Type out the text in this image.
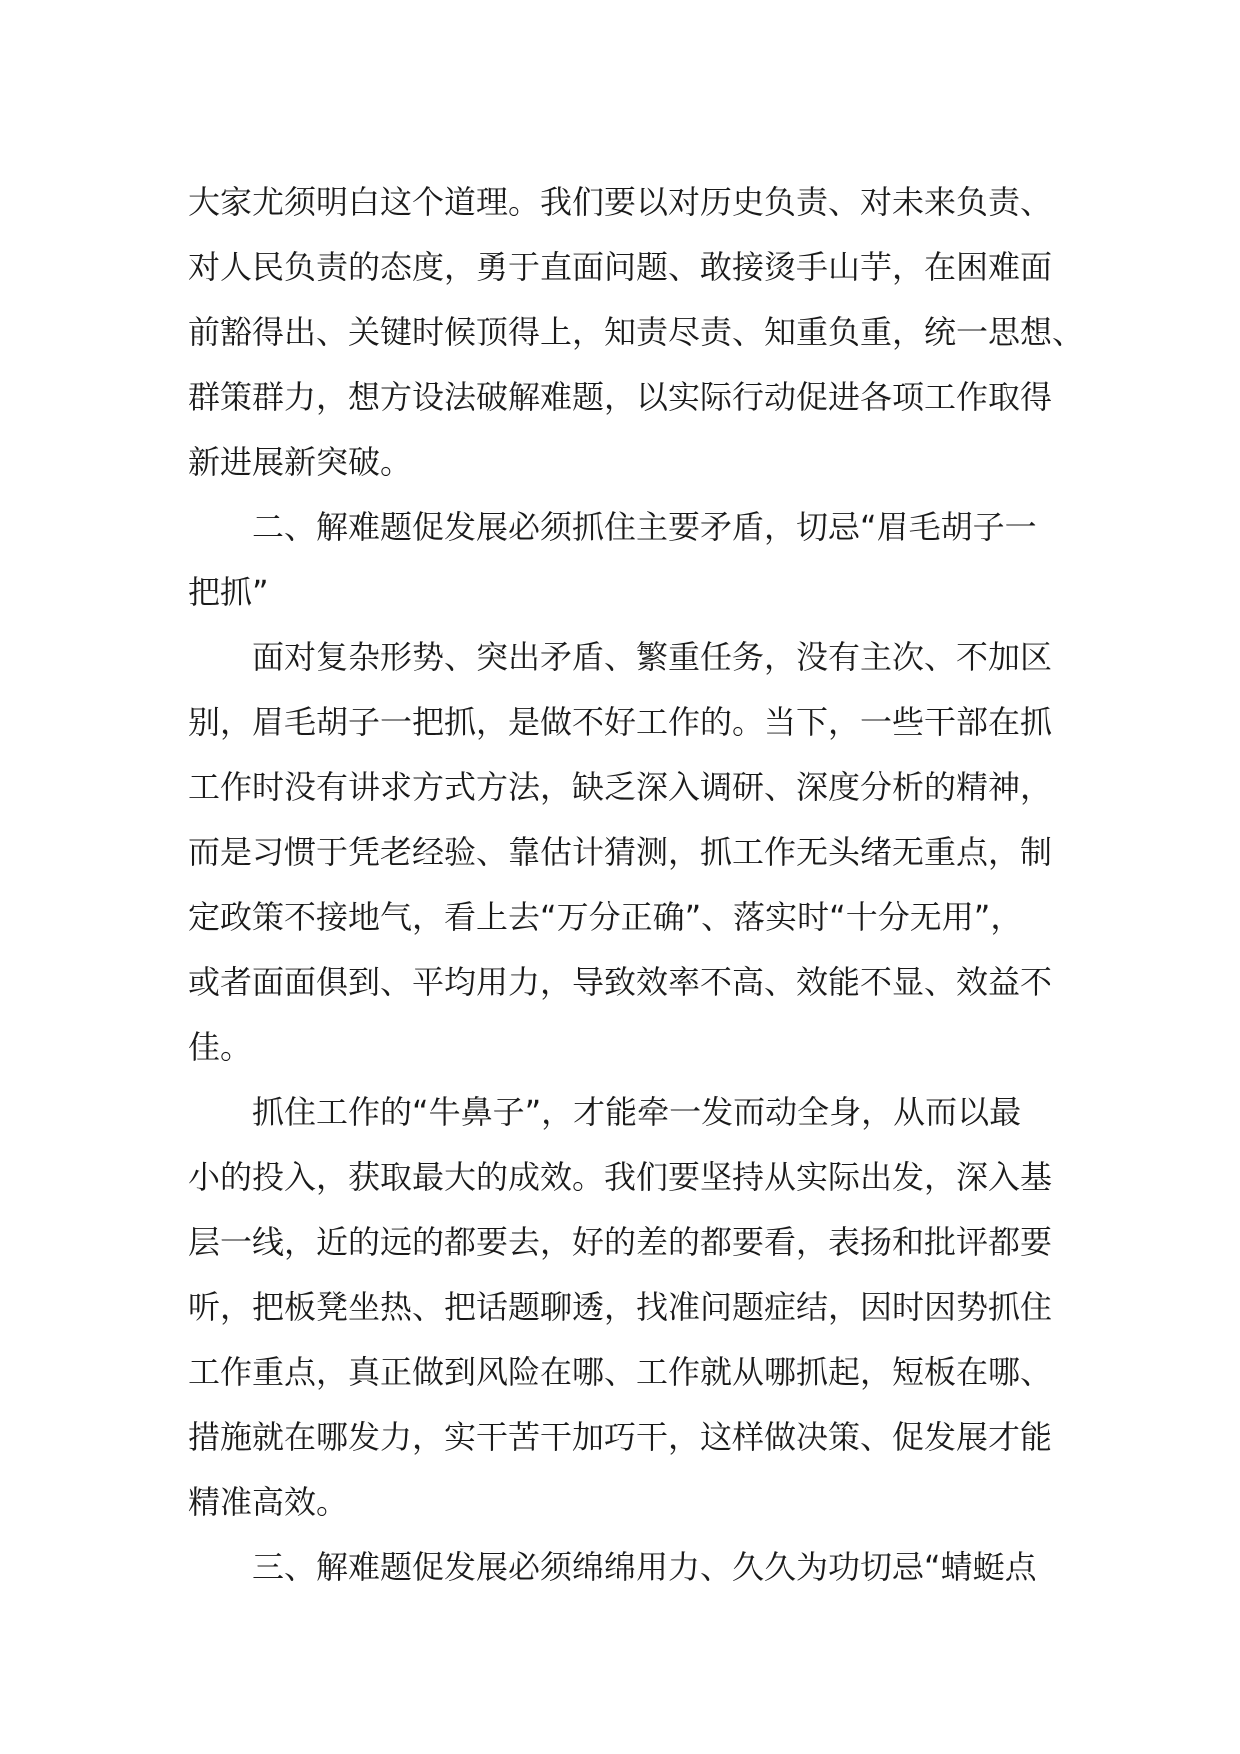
大家尤须明白这个道理。我们要以对历史负责、对未来负责、
对人民负责的态度，勇于直面问题、敢接烫手山芋，在困难面
前豁得出、关键时候顶得上，知责尽责、知重负重，统一思想、
群策群力，想方设法破解难题，以实际行动促进各项工作取得
新进展新突破。
二、解难题促发展必须抓住主要矛盾，切忌“眉毛胡子一
把抓”
面对复杂形势、突出矛盾、繁重任务，没有主次、不加区
别，眉毛胡子一把抓，是做不好工作的。当下，一些干部在抓
工作时没有讲求方式方法，缺乏深入调研、深度分析的精神，
而是习惯于凭老经验、靠估计猜测，抓工作无头绪无重点，制
定政策不接地气，看上去“万分正确”、落实时“十分无用”，
或者面面俱到、平均用力，导致效率不高、效能不显、效益不
佳。
抓住工作的“牛鼻子”，才能牵一发而动全身，从而以最
小的投入，获取最大的成效。我们要坚持从实际出发，深入基
层一线，近的远的都要去，好的差的都要看，表扬和批评都要
听，把板凳坐热、把话题聊透，找准问题症结，因时因势抓住
工作重点，真正做到风险在哪、工作就从哪抓起，短板在哪、
措施就在哪发力，实干苦干加巧干，这样做决策、促发展才能
精准高效。
三、解难题促发展必须绵绵用力、久久为功切忌“蜻蜓点
